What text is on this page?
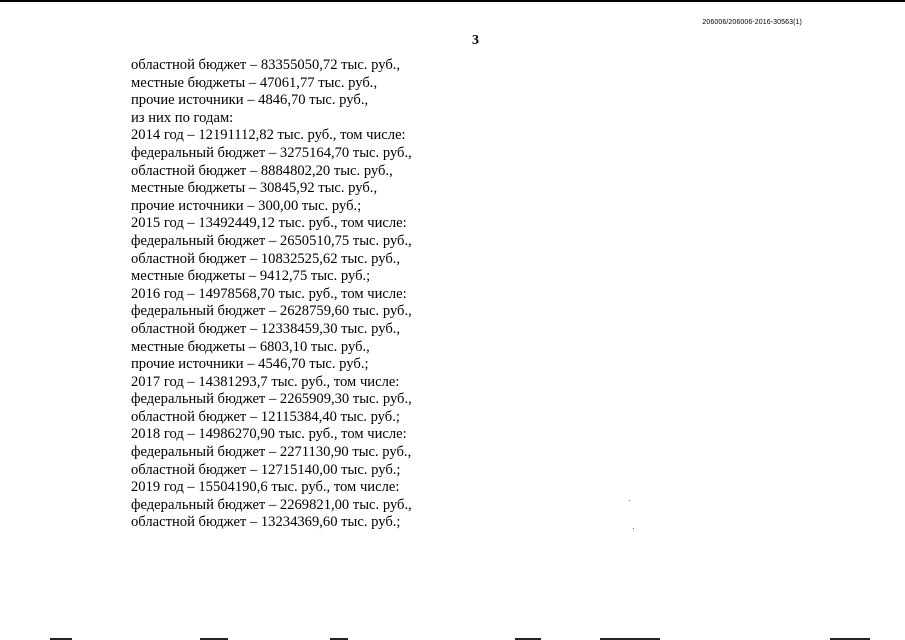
206006/206006-2016-30563(1)
3
областной бюджет – 83355050,72 тыс. руб.,
местные бюджеты – 47061,77 тыс. руб.,
прочие источники – 4846,70 тыс. руб.,
из них по годам:
2014 год – 12191112,82 тыс. руб., том числе:
федеральный бюджет – 3275164,70 тыс. руб.,
областной бюджет – 8884802,20 тыс. руб.,
местные бюджеты – 30845,92 тыс. руб.,
прочие источники – 300,00 тыс. руб.;
2015 год – 13492449,12 тыс. руб., том числе:
федеральный бюджет – 2650510,75 тыс. руб.,
областной бюджет – 10832525,62 тыс. руб.,
местные бюджеты – 9412,75 тыс. руб.;
2016 год – 14978568,70 тыс. руб., том числе:
федеральный бюджет – 2628759,60 тыс. руб.,
областной бюджет – 12338459,30 тыс. руб.,
местные бюджеты – 6803,10 тыс. руб.,
прочие источники – 4546,70 тыс. руб.;
2017 год – 14381293,7 тыс. руб., том числе:
федеральный бюджет – 2265909,30 тыс. руб.,
областной бюджет – 12115384,40 тыс. руб.;
2018 год – 14986270,90 тыс. руб., том числе:
федеральный бюджет – 2271130,90 тыс. руб.,
областной бюджет – 12715140,00 тыс. руб.;
2019 год – 15504190,6 тыс. руб., том числе:
федеральный бюджет – 2269821,00 тыс. руб.,
областной бюджет – 13234369,60 тыс. руб.;
